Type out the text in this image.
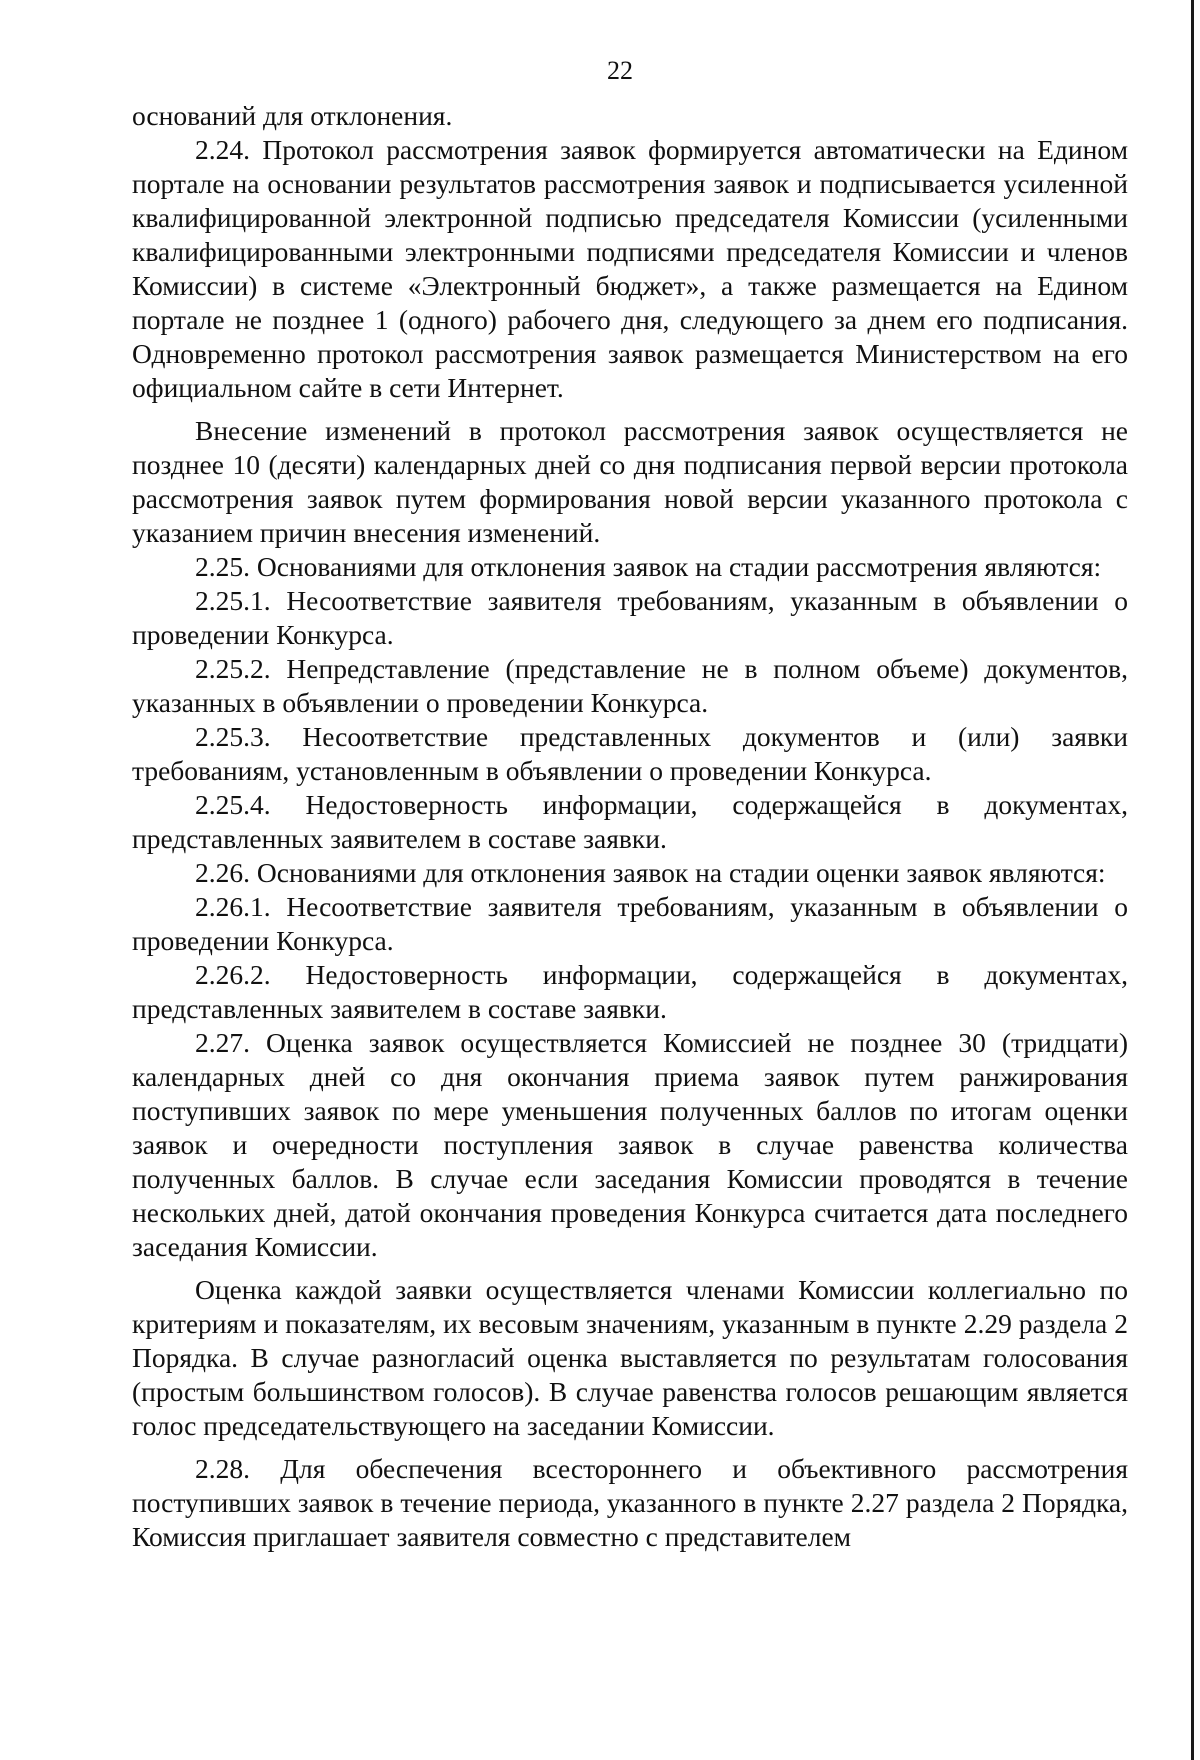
22

оснований для отклонения.

2.24. Протокол рассмотрения заявок формируется автоматически на Едином портале на основании результатов рассмотрения заявок и подписывается усиленной квалифицированной электронной подписью председателя Комиссии (усиленными квалифицированными электронными подписями председателя Комиссии и членов Комиссии) в системе «Электронный бюджет», а также размещается на Едином портале не позднее 1 (одного) рабочего дня, следующего за днем его подписания. Одновременно протокол рассмотрения заявок размещается Министерством на его официальном сайте в сети Интернет.

Внесение изменений в протокол рассмотрения заявок осуществляется не позднее 10 (десяти) календарных дней со дня подписания первой версии протокола рассмотрения заявок путем формирования новой версии указанного протокола с указанием причин внесения изменений.

2.25. Основаниями для отклонения заявок на стадии рассмотрения являются:

2.25.1. Несоответствие заявителя требованиям, указанным в объявлении о проведении Конкурса.

2.25.2. Непредставление (представление не в полном объеме) документов, указанных в объявлении о проведении Конкурса.

2.25.3. Несоответствие представленных документов и (или) заявки требованиям, установленным в объявлении о проведении Конкурса.

2.25.4. Недостоверность информации, содержащейся в документах, представленных заявителем в составе заявки.

2.26. Основаниями для отклонения заявок на стадии оценки заявок являются:

2.26.1. Несоответствие заявителя требованиям, указанным в объявлении о проведении Конкурса.

2.26.2. Недостоверность информации, содержащейся в документах, представленных заявителем в составе заявки.

2.27. Оценка заявок осуществляется Комиссией не позднее 30 (тридцати) календарных дней со дня окончания приема заявок путем ранжирования поступивших заявок по мере уменьшения полученных баллов по итогам оценки заявок и очередности поступления заявок в случае равенства количества полученных баллов. В случае если заседания Комиссии проводятся в течение нескольких дней, датой окончания проведения Конкурса считается дата последнего заседания Комиссии.

Оценка каждой заявки осуществляется членами Комиссии коллегиально по критериям и показателям, их весовым значениям, указанным в пункте 2.29 раздела 2 Порядка. В случае разногласий оценка выставляется по результатам голосования (простым большинством голосов). В случае равенства голосов решающим является голос председательствующего на заседании Комиссии.

2.28. Для обеспечения всестороннего и объективного рассмотрения поступивших заявок в течение периода, указанного в пункте 2.27 раздела 2 Порядка, Комиссия приглашает заявителя совместно с представителем
